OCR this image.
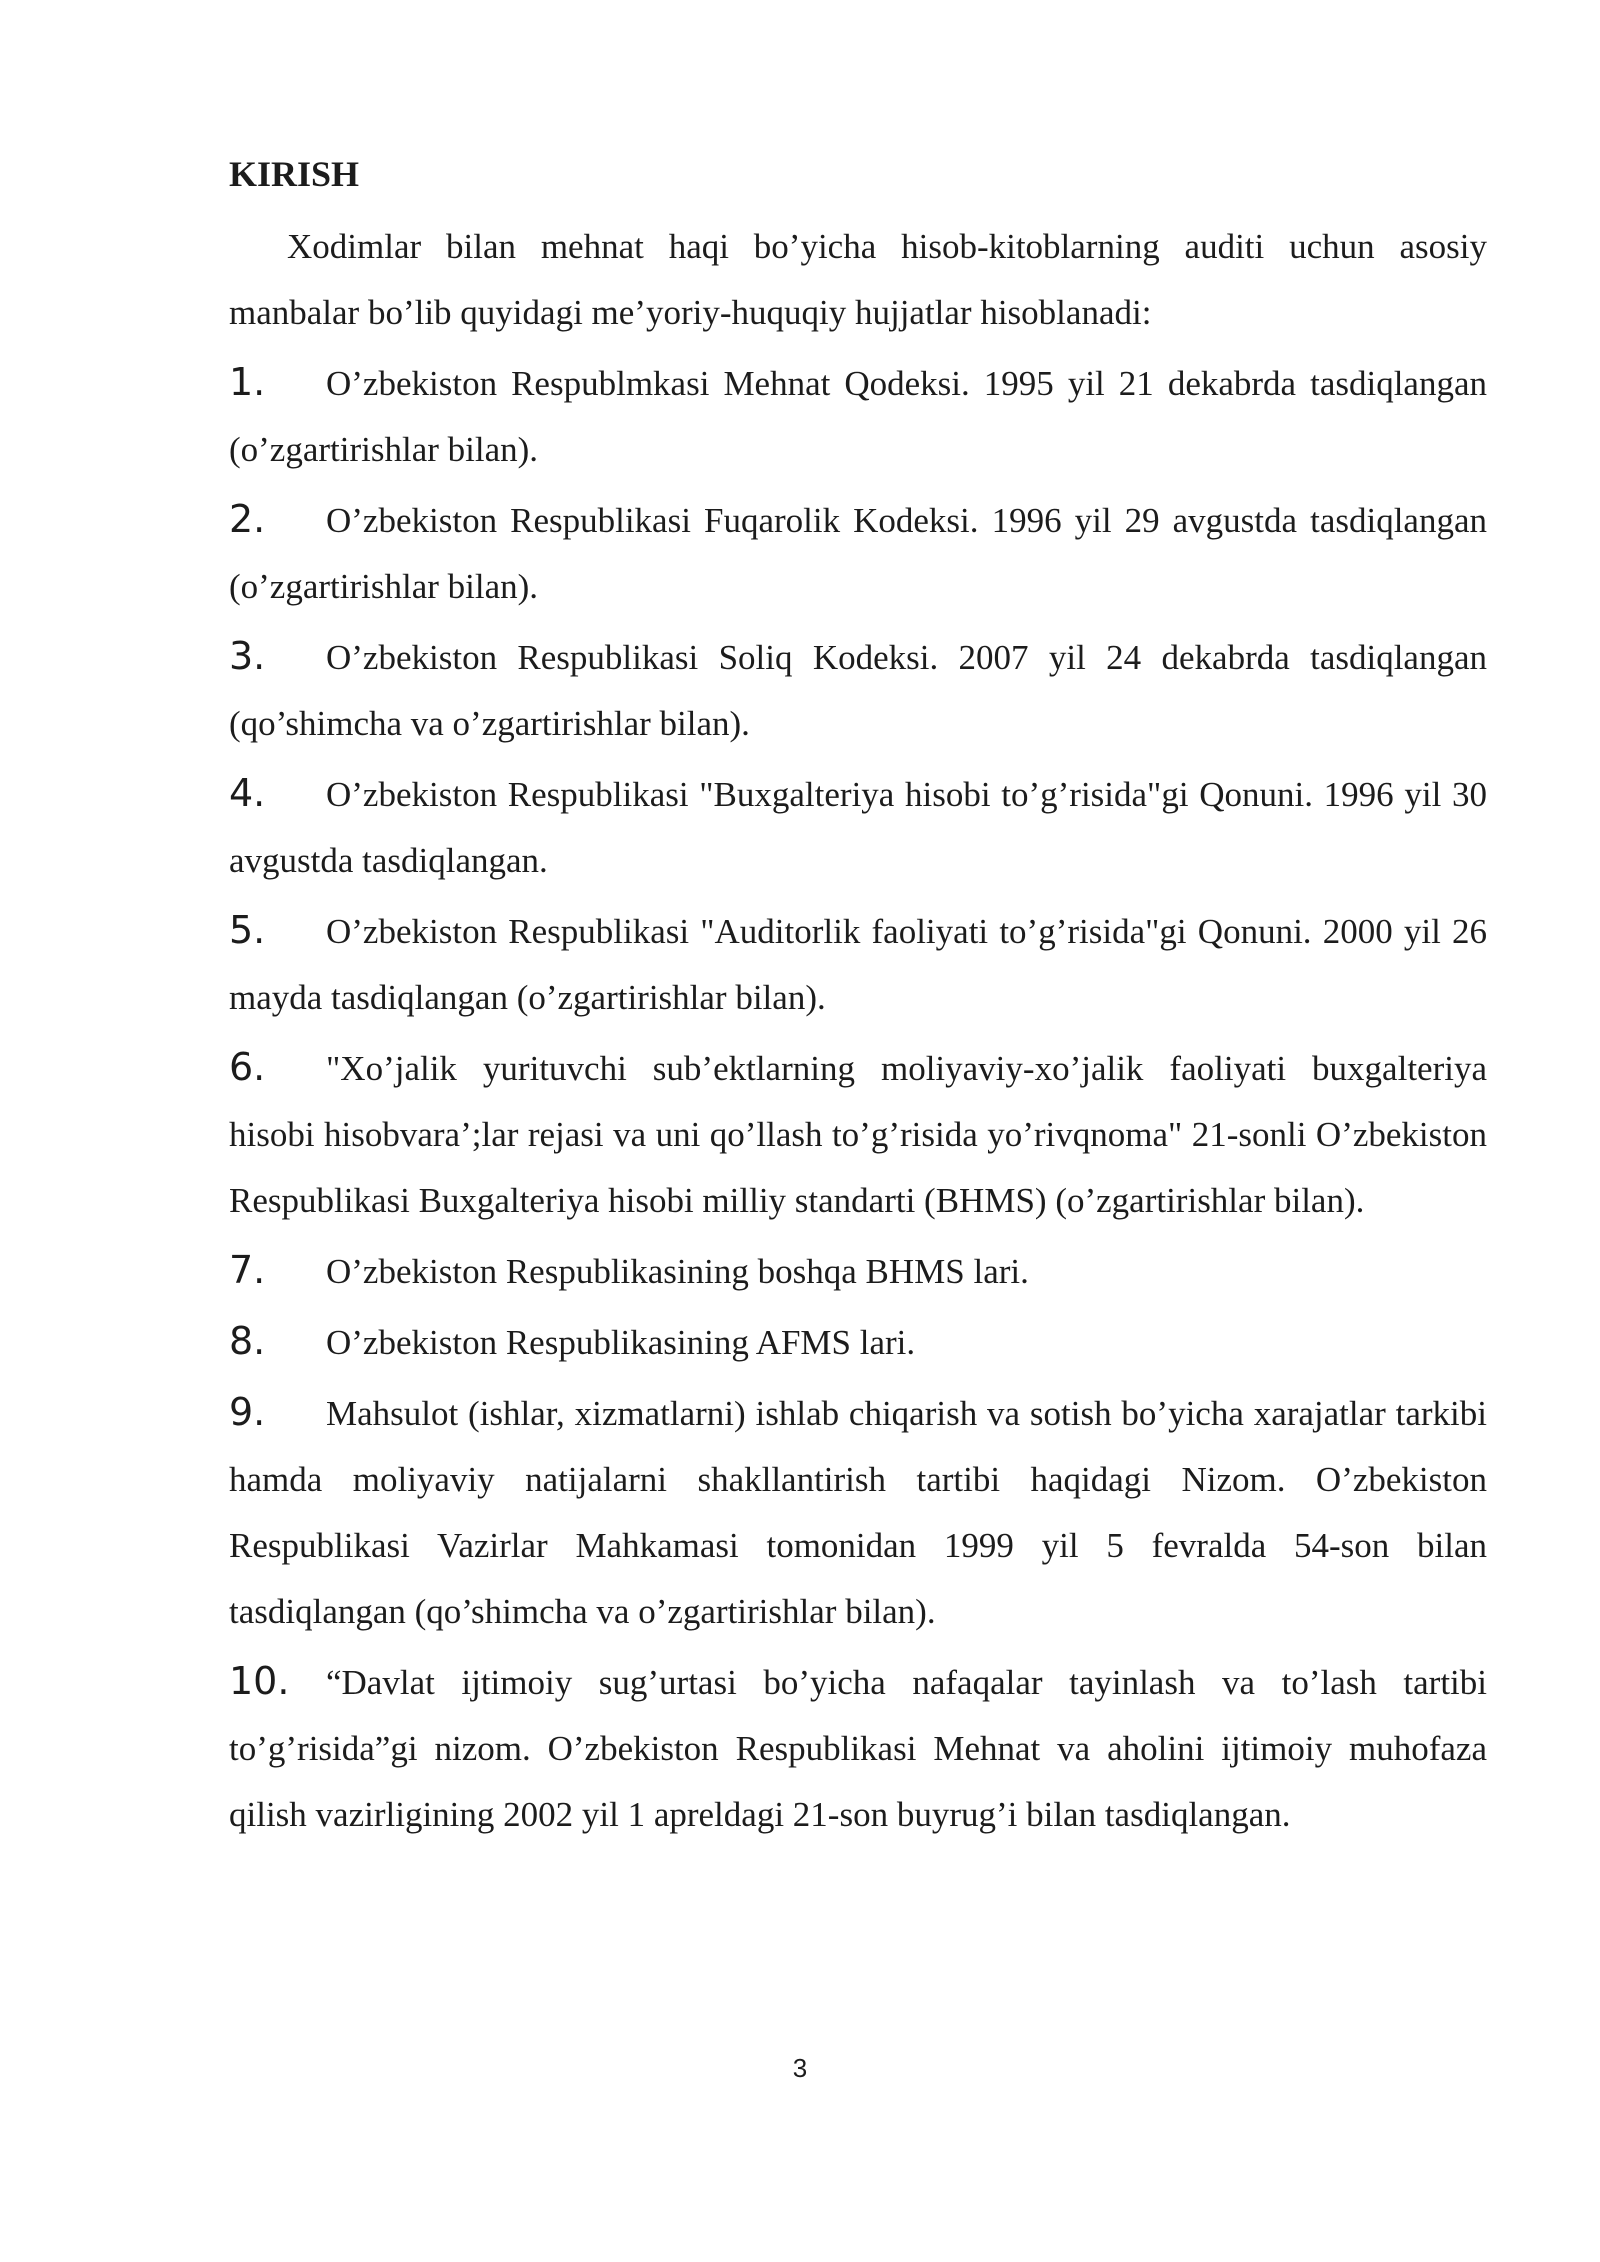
KIRISH

Xodimlar bilan mehnat haqi bo’yicha hisob-kitoblarning auditi uchun asosiy manbalar bo’lib quyidagi me’yoriy-huquqiy hujjatlar hisoblanadi:

1. O’zbekiston Respublmkasi Mehnat Qodeksi. 1995 yil 21 dekabrda tasdiqlangan (o’zgartirishlar bilan).

2. O’zbekiston Respublikasi Fuqarolik Kodeksi. 1996 yil 29 avgustda tasdiqlangan (o’zgartirishlar bilan).

3. O’zbekiston Respublikasi Soliq Kodeksi. 2007 yil 24 dekabrda tasdiqlangan (qo’shimcha va o’zgartirishlar bilan).

4. O’zbekiston Respublikasi "Buxgalteriya hisobi to’g’risida"gi Qonuni. 1996 yil 30 avgustda tasdiqlangan.

5. O’zbekiston Respublikasi "Auditorlik faoliyati to’g’risida"gi Qonuni. 2000 yil 26 mayda tasdiqlangan (o’zgartirishlar bilan).

6. "Xo’jalik yurituvchi sub’ektlarning moliyaviy-xo’jalik faoliyati buxgalteriya hisobi hisobvara’;lar rejasi va uni qo’llash to’g’risida yo’rivqnoma" 21-sonli O’zbekiston Respublikasi Buxgalteriya hisobi milliy standarti (BHMS) (o’zgartirishlar bilan).

7. O’zbekiston Respublikasining boshqa BHMS lari.

8. O’zbekiston Respublikasining AFMS lari.

9. Mahsulot (ishlar, xizmatlarni) ishlab chiqarish va sotish bo’yicha xarajatlar tarkibi hamda moliyaviy natijalarni shakllantirish tartibi haqidagi Nizom. O’zbekiston Respublikasi Vazirlar Mahkamasi tomonidan 1999 yil 5 fevralda 54-son bilan tasdiqlangan (qo’shimcha va o’zgartirishlar bilan).

10. “Davlat ijtimoiy sug’urtasi bo’yicha nafaqalar tayinlash va to’lash tartibi to’g’risida”gi nizom. O’zbekiston Respublikasi Mehnat va aholini ijtimoiy muhofaza qilish vazirligining 2002 yil 1 apreldagi 21-son buyrug’i bilan tasdiqlangan.

3
